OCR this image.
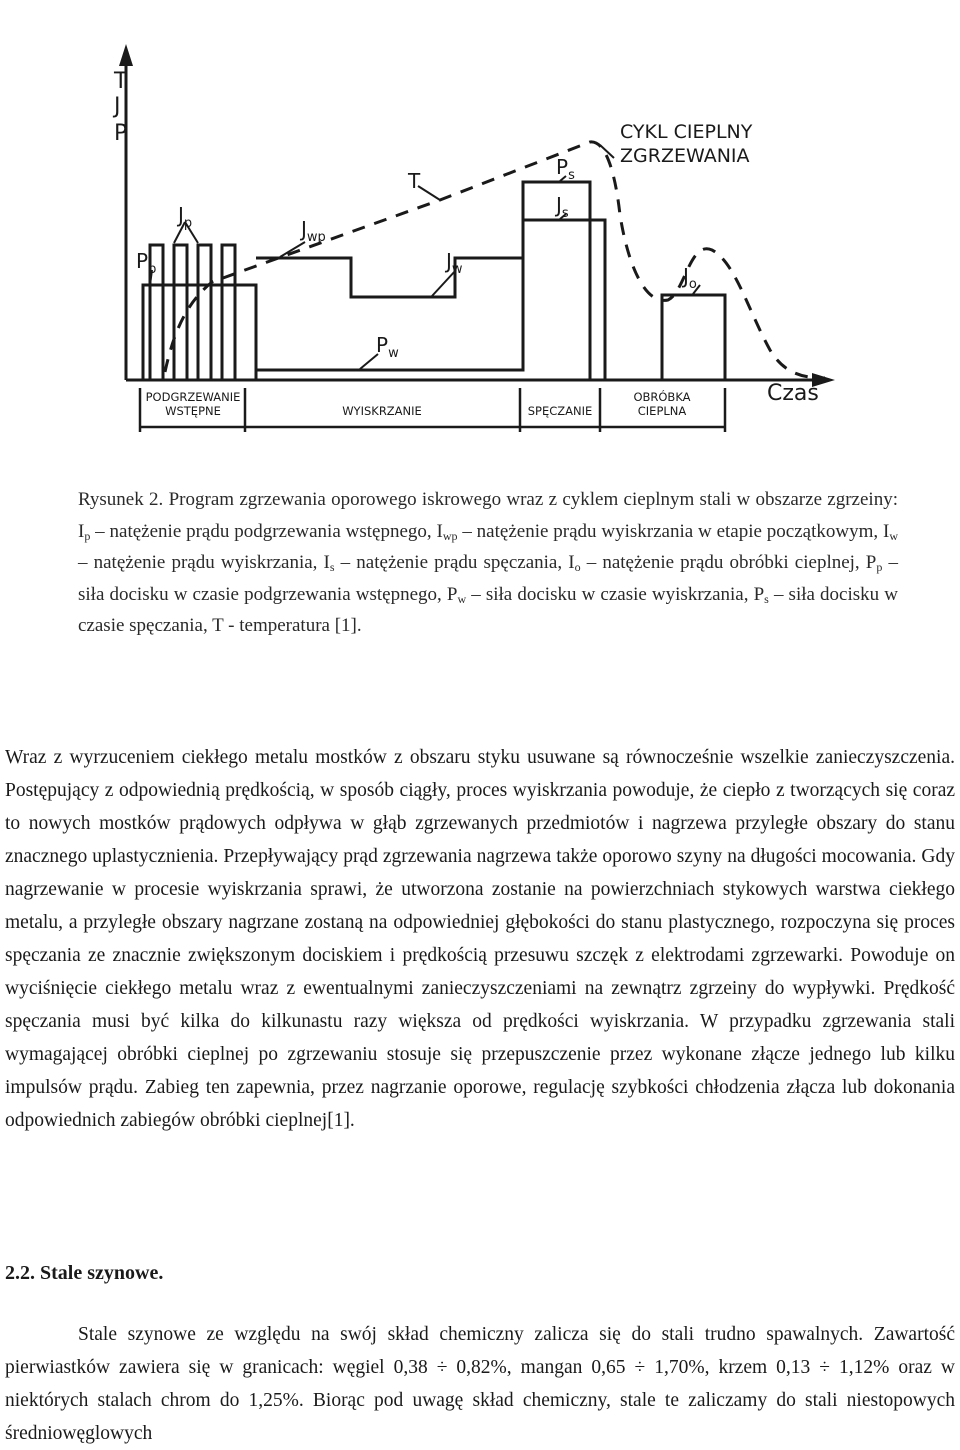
T
J
P
Czas
$P_p$
$J_p$	$J_{wp}$
$J_w$
$P_w$
T
$P_s$
$J_s$
$J_o$
CYKL CIEPLNY
ZGRZEWANIA
PODGRZEWANIE
WSTĘPNE	WYISKRZANIE	SPĘCZANIE
OBRÓBKA
CIEPLNA
Rysunek 2. Program zgrzewania oporowego iskrowego wraz z cyklem cieplnym stali w obszarze zgrzeiny: $I_p$ – natężenie prądu podgrzewania wstępnego, $I_{wp}$ – natężenie prądu wyiskrzania w etapie początkowym, $I_w$ – natężenie prądu wyiskrzania, $I_s$ – natężenie prądu spęczania, $I_o$ – natężenie prądu obróbki cieplnej, $P_p$ – siła docisku w czasie podgrzewania wstępnego, $P_w$ – siła docisku w czasie wyiskrzania, $P_s$ – siła docisku w czasie spęczania, T - temperatura [1].

Wraz z wyrzuceniem ciekłego metalu mostków z obszaru styku usuwane są równocześnie wszelkie zanieczyszczenia. Postępujący z odpowiednią prędkością, w sposób ciągły, proces wyiskrzania powoduje, że ciepło z tworzących się coraz to nowych mostków prądowych odpływa w głąb zgrzewanych przedmiotów i nagrzewa przyległe obszary do stanu znacznego uplastycznienia. Przepływający prąd zgrzewania nagrzewa także oporowo szyny na długości mocowania. Gdy nagrzewanie w procesie wyiskrzania sprawi, że utworzona zostanie na powierzchniach stykowych warstwa ciekłego metalu, a przyległe obszary nagrzane zostaną na odpowiedniej głębokości do stanu plastycznego, rozpoczyna się proces spęczania ze znacznie zwiększonym dociskiem i prędkością przesuwu szczęk z elektrodami zgrzewarki. Powoduje on wyciśnięcie ciekłego metalu wraz z ewentualnymi zanieczyszczeniami na zewnątrz zgrzeiny do wypływki. Prędkość spęczania musi być kilka do kilkunastu razy większa od prędkości wyiskrzania. W przypadku zgrzewania stali wymagającej obróbki cieplnej po zgrzewaniu stosuje się przepuszczenie przez wykonane złącze jednego lub kilku impulsów prądu. Zabieg ten zapewnia, przez nagrzanie oporowe, regulację szybkości chłodzenia złącza lub dokonania odpowiednich zabiegów obróbki cieplnej[1].

2.2. Stale szynowe.

Stale szynowe ze względu na swój skład chemiczny zalicza się do stali trudno spawalnych. Zawartość pierwiastków zawiera się w granicach: węgiel 0,38 ÷ 0,82%, mangan 0,65 ÷ 1,70%, krzem 0,13 ÷ 1,12% oraz w niektórych stalach chrom do 1,25%. Biorąc pod uwagę skład chemiczny, stale te zaliczamy do stali niestopowych średniowęglowych
